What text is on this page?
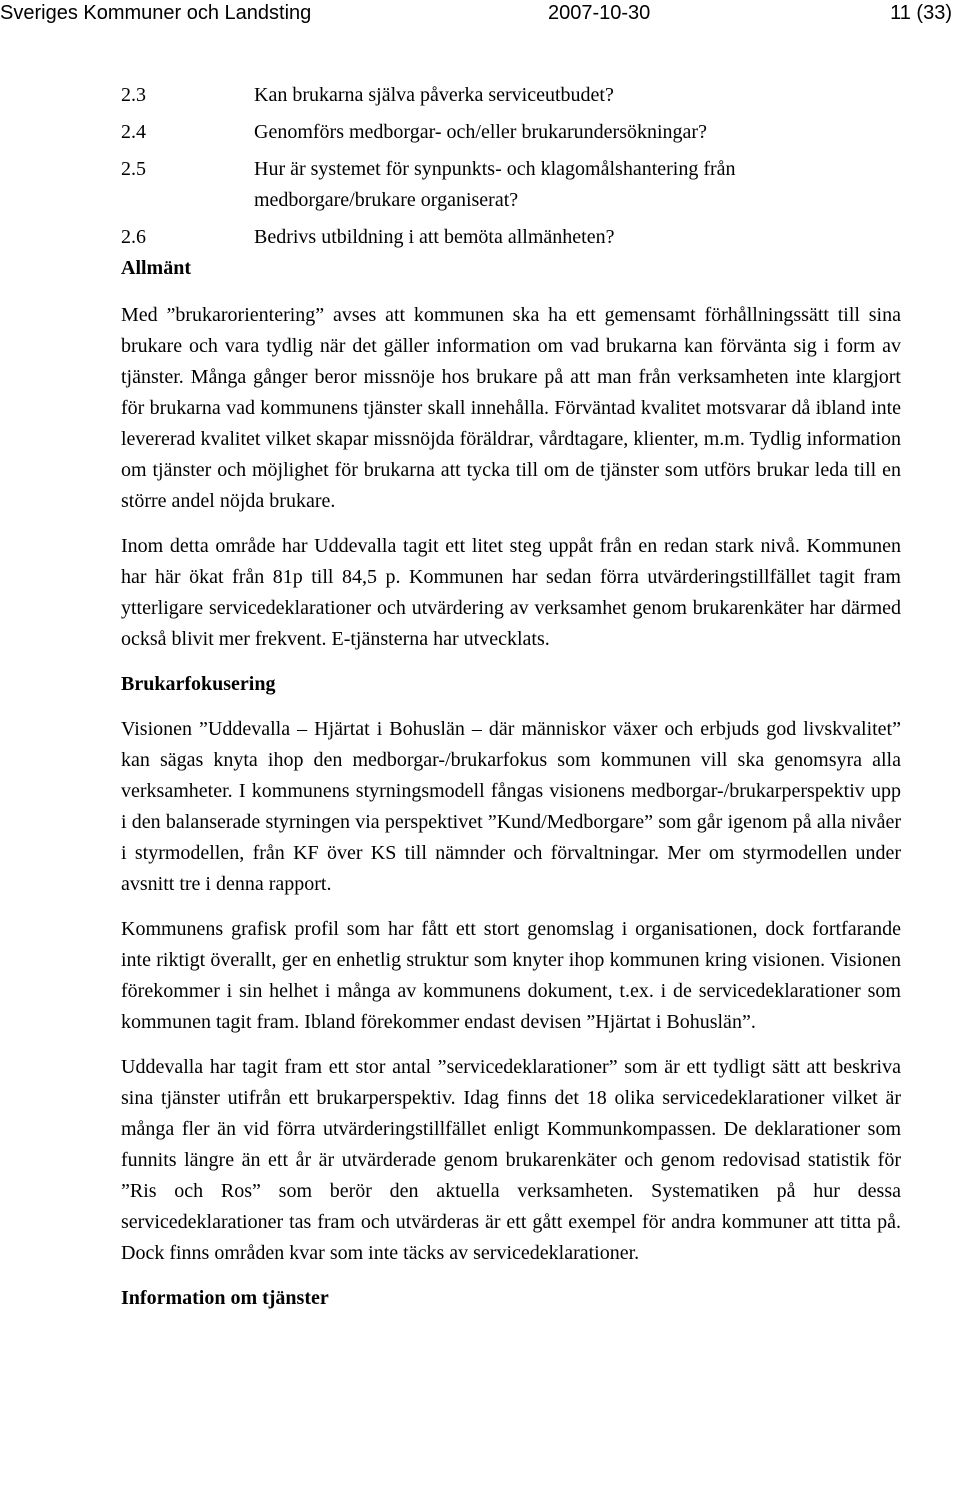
Sveriges Kommuner och Landsting	2007-10-30	11 (33)
2.3	Kan brukarna själva påverka serviceutbudet?
2.4	Genomförs medborgar- och/eller brukarundersökningar?
2.5	Hur är systemet för synpunkts- och klagomålshantering från medborgare/brukare organiserat?
2.6	Bedrivs utbildning i att bemöta allmänheten?
Allmänt

Med ”brukarorientering” avses att kommunen ska ha ett gemensamt förhållningssätt till sina brukare och vara tydlig när det gäller information om vad brukarna kan förvänta sig i form av tjänster. Många gånger beror missnöje hos brukare på att man från verksamheten inte klargjort för brukarna vad kommunens tjänster skall innehålla. Förväntad kvalitet motsvarar då ibland inte levererad kvalitet vilket skapar missnöjda föräldrar, vårdtagare, klienter, m.m. Tydlig information om tjänster och möjlighet för brukarna att tycka till om de tjänster som utförs brukar leda till en större andel nöjda brukare.

Inom detta område har Uddevalla tagit ett litet steg uppåt från en redan stark nivå. Kommunen har här ökat från 81p till 84,5 p. Kommunen har sedan förra utvärderingstillfället tagit fram ytterligare servicedeklarationer och utvärdering av verksamhet genom brukarenkäter har därmed också blivit mer frekvent. E-tjänsterna har utvecklats.

Brukarfokusering

Visionen ”Uddevalla – Hjärtat i Bohuslän – där människor växer och erbjuds god livskvalitet” kan sägas knyta ihop den medborgar-/brukarfokus som kommunen vill ska genomsyra alla verksamheter. I kommunens styrningsmodell fångas visionens medborgar-/brukarperspektiv upp i den balanserade styrningen via perspektivet ”Kund/Medborgare” som går igenom på alla nivåer i styrmodellen, från KF över KS till nämnder och förvaltningar. Mer om styrmodellen under avsnitt tre i denna rapport.

Kommunens grafisk profil som har fått ett stort genomslag i organisationen, dock fortfarande inte riktigt överallt, ger en enhetlig struktur som knyter ihop kommunen kring visionen. Visionen förekommer i sin helhet i många av kommunens dokument, t.ex. i de servicedeklarationer som kommunen tagit fram. Ibland förekommer endast devisen ”Hjärtat i Bohuslän”.

Uddevalla har tagit fram ett stor antal ”servicedeklarationer” som är ett tydligt sätt att beskriva sina tjänster utifrån ett brukarperspektiv. Idag finns det 18 olika servicedeklarationer vilket är många fler än vid förra utvärderingstillfället enligt Kommunkompassen. De deklarationer som funnits längre än ett år är utvärderade genom brukarenkäter och genom redovisad statistik för ”Ris och Ros” som berör den aktuella verksamheten. Systematiken på hur dessa servicedeklarationer tas fram och utvärderas är ett gått exempel för andra kommuner att titta på. Dock finns områden kvar som inte täcks av servicedeklarationer.

Information om tjänster
